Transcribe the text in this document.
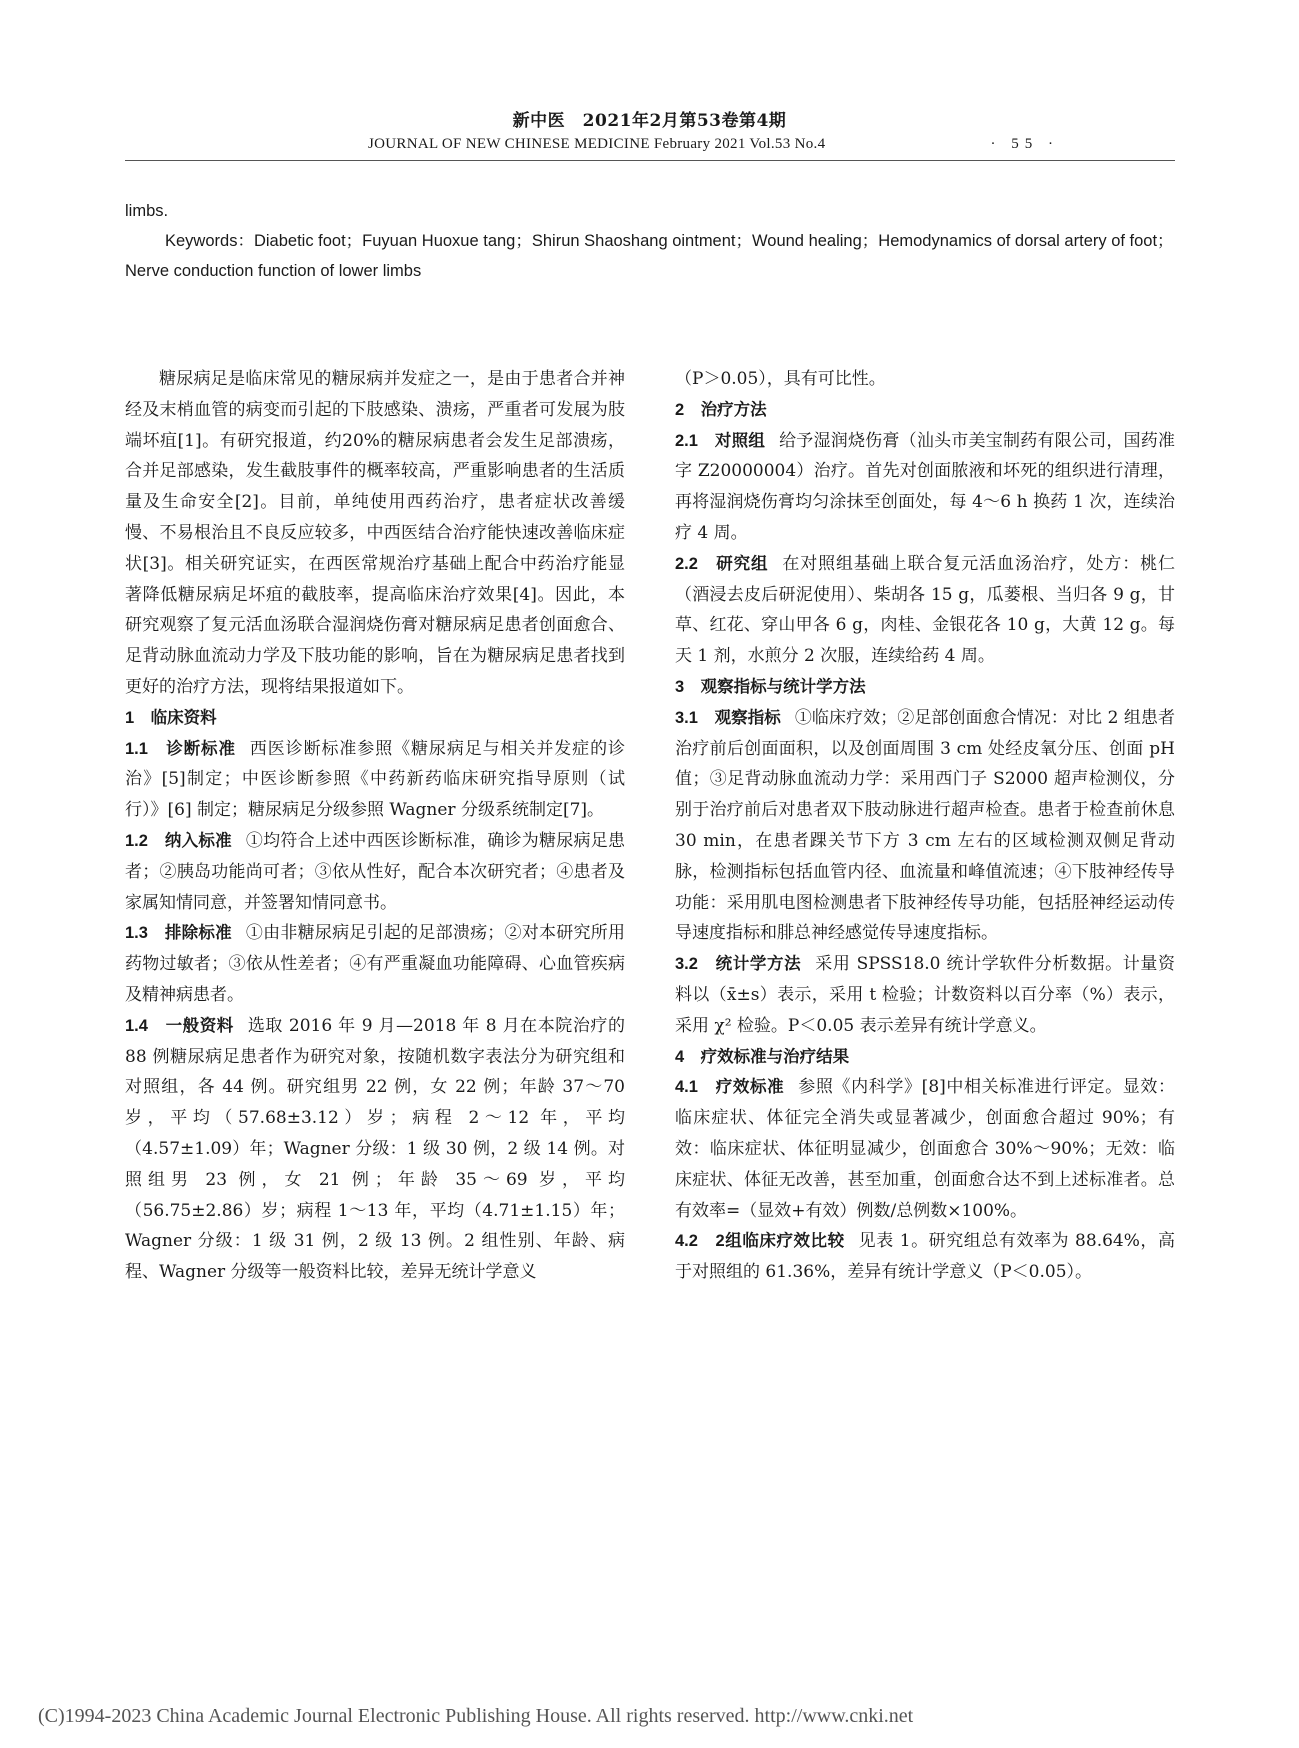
新中医　2021年2月第53卷第4期
JOURNAL OF NEW CHINESE MEDICINE February 2021 Vol.53 No.4	· 55 ·
limbs.
Keywords：Diabetic foot；Fuyuan Huoxue tang；Shirun Shaoshang ointment；Wound healing；Hemodynamics of dorsal artery of foot；Nerve conduction function of lower limbs

糖尿病足是临床常见的糖尿病并发症之一，是由于患者合并神经及末梢血管的病变而引起的下肢感染、溃疡，严重者可发展为肢端坏疽[1]。有研究报道，约20%的糖尿病患者会发生足部溃疡，合并足部感染，发生截肢事件的概率较高，严重影响患者的生活质量及生命安全[2]。目前，单纯使用西药治疗，患者症状改善缓慢、不易根治且不良反应较多，中西医结合治疗能快速改善临床症状[3]。相关研究证实，在西医常规治疗基础上配合中药治疗能显著降低糖尿病足坏疽的截肢率，提高临床治疗效果[4]。因此，本研究观察了复元活血汤联合湿润烧伤膏对糖尿病足患者创面愈合、足背动脉血流动力学及下肢功能的影响，旨在为糖尿病足患者找到更好的治疗方法，现将结果报道如下。

1　临床资料

1.1　诊断标准 西医诊断标准参照《糖尿病足与相关并发症的诊治》[5]制定；中医诊断参照《中药新药临床研究指导原则（试行）》[6] 制定；糖尿病足分级参照 Wagner 分级系统制定[7]。

1.2　纳入标准 ①均符合上述中西医诊断标准，确诊为糖尿病足患者；②胰岛功能尚可者；③依从性好，配合本次研究者；④患者及家属知情同意，并签署知情同意书。

1.3　排除标准 ①由非糖尿病足引起的足部溃疡；②对本研究所用药物过敏者；③依从性差者；④有严重凝血功能障碍、心血管疾病及精神病患者。

1.4　一般资料 选取 2016 年 9 月—2018 年 8 月在本院治疗的 88 例糖尿病足患者作为研究对象，按随机数字表法分为研究组和对照组，各 44 例。研究组男 22 例，女 22 例；年龄 37～70 岁，平均（57.68±3.12）岁；病程 2～12 年，平均（4.57±1.09）年；Wagner 分级：1 级 30 例，2 级 14 例。对照组男 23 例，女 21 例；年龄 35～69 岁，平均（56.75±2.86）岁；病程 1～13 年，平均（4.71±1.15）年；Wagner 分级：1 级 31 例，2 级 13 例。2 组性别、年龄、病程、Wagner 分级等一般资料比较，差异无统计学意义

（P＞0.05），具有可比性。

2　治疗方法

2.1　对照组 给予湿润烧伤膏（汕头市美宝制药有限公司，国药准字 Z20000004）治疗。首先对创面脓液和坏死的组织进行清理，再将湿润烧伤膏均匀涂抹至创面处，每 4～6 h 换药 1 次，连续治疗 4 周。

2.2　研究组 在对照组基础上联合复元活血汤治疗，处方：桃仁（酒浸去皮后研泥使用）、柴胡各 15 g，瓜蒌根、当归各 9 g，甘草、红花、穿山甲各 6 g，肉桂、金银花各 10 g，大黄 12 g。每天 1 剂，水煎分 2 次服，连续给药 4 周。

3　观察指标与统计学方法

3.1　观察指标 ①临床疗效；②足部创面愈合情况：对比 2 组患者治疗前后创面面积，以及创面周围 3 cm 处经皮氧分压、创面 pH 值；③足背动脉血流动力学：采用西门子 S2000 超声检测仪，分别于治疗前后对患者双下肢动脉进行超声检查。患者于检查前休息 30 min，在患者踝关节下方 3 cm 左右的区域检测双侧足背动脉，检测指标包括血管内径、血流量和峰值流速；④下肢神经传导功能：采用肌电图检测患者下肢神经传导功能，包括胫神经运动传导速度指标和腓总神经感觉传导速度指标。

3.2　统计学方法 采用 SPSS18.0 统计学软件分析数据。计量资料以（x̄±s）表示，采用 t 检验；计数资料以百分率（%）表示，采用 χ² 检验。P＜0.05 表示差异有统计学意义。

4　疗效标准与治疗结果

4.1　疗效标准 参照《内科学》[8]中相关标准进行评定。显效：临床症状、体征完全消失或显著减少，创面愈合超过 90%；有效：临床症状、体征明显减少，创面愈合 30%～90%；无效：临床症状、体征无改善，甚至加重，创面愈合达不到上述标准者。总有效率=（显效+有效）例数/总例数×100%。

4.2　2组临床疗效比较 见表 1。研究组总有效率为 88.64%，高于对照组的 61.36%，差异有统计学意义（P＜0.05）。

(C)1994-2023 China Academic Journal Electronic Publishing House. All rights reserved. http://www.cnki.net
